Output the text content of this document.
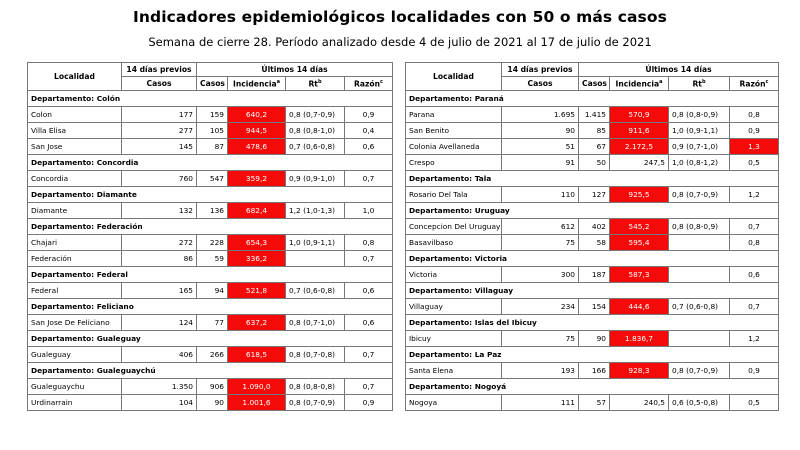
Indicadores epidemiológicos localidades con 50 o más casos
Semana de cierre 28. Período analizado desde 4 de julio de 2021 al 17 de julio de 2021
Localidad	14 días previos	Últimos 14 días			
	Casos	Casos	Incidencia$^a$	Rt$^b$	Razón$^c$
Departamento: Colón					
Colon	177	159	640,2	0,8 (0,7-0,9)	0,9
Villa Elisa	277	105	944,5	0,8 (0,8-1,0)	0,4
San Jose	145	87	478,6	0,7 (0,6-0,8)	0,6
Departamento: Concordia					
Concordia	760	547	359,2	0,9 (0,9-1,0)	0,7
Departamento: Diamante					
Diamante	132	136	682,4	1,2 (1,0-1,3)	1,0
Departamento: Federación					
Chajari	272	228	654,3	1,0 (0,9-1,1)	0,8
Federación	86	59	336,2		0,7
Departamento: Federal					
Federal	165	94	521,8	0,7 (0,6-0,8)	0,6
Departamento: Feliciano					
San Jose De Feliciano	124	77	637,2	0,8 (0,7-1,0)	0,6
Departamento: Gualeguay					
Gualeguay	406	266	618,5	0,8 (0,7-0,8)	0,7
Departamento: Gualeguaychú					
Gualeguaychu	1.350	906	1.090,0	0,8 (0,8-0,8)	0,7
Urdinarrain	104	90	1.001,6	0,8 (0,7-0,9)	0,9
Localidad	14 días previos	Últimos 14 días			
	Casos	Casos	Incidencia$^a$	Rt$^b$	Razón$^c$
Departamento: Paraná					
Parana	1.695	1.415	570,9	0,8 (0,8-0,9)	0,8
San Benito	90	85	911,6	1,0 (0,9-1,1)	0,9
Colonia Avellaneda	51	67	2.172,5	0,9 (0,7-1,0)	1,3
Crespo	91	50	247,5	1,0 (0,8-1,2)	0,5
Departamento: Tala					
Rosario Del Tala	110	127	925,5	0,8 (0,7-0,9)	1,2
Departamento: Uruguay					
Concepcion Del Uruguay	612	402	545,2	0,8 (0,8-0,9)	0,7
Basavilbaso	75	58	595,4		0,8
Departamento: Victoria					
Victoria	300	187	587,3		0,6
Departamento: Villaguay					
Villaguay	234	154	444,6	0,7 (0,6-0,8)	0,7
Departamento: Islas del Ibicuy					
Ibicuy	75	90	1.836,7		1,2
Departamento: La Paz					
Santa Elena	193	166	928,3	0,8 (0,7-0,9)	0,9
Departamento: Nogoyá					
Nogoya	111	57	240,5	0,6 (0,5-0,8)	0,5
